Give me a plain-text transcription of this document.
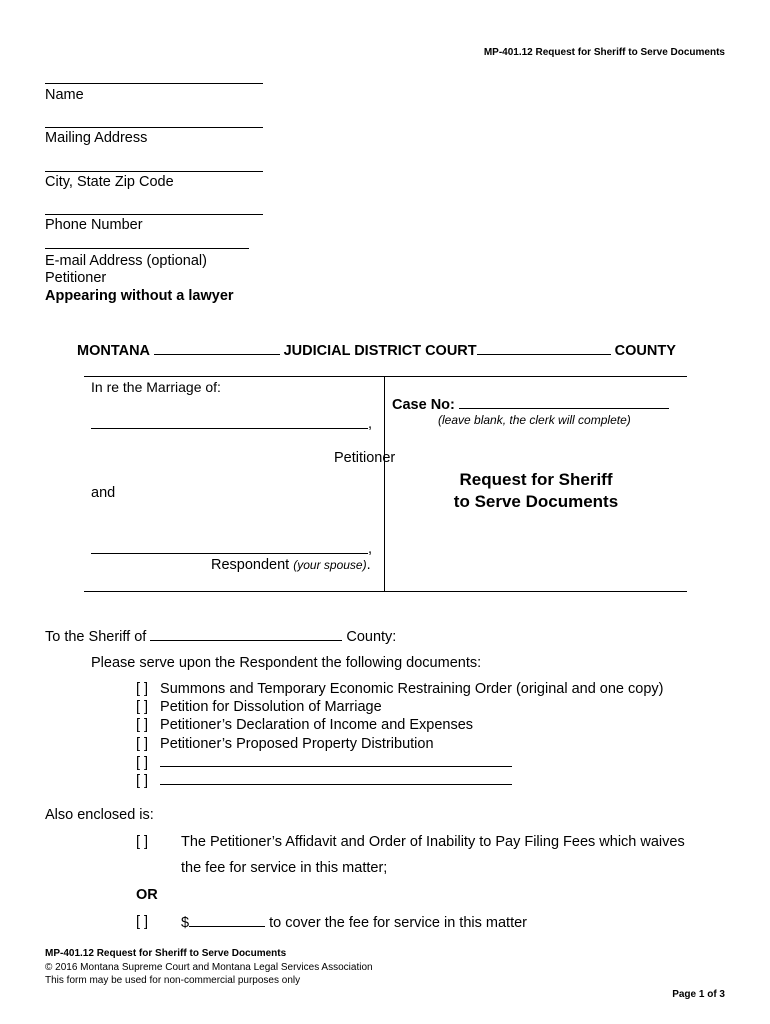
MP-401.12 Request for Sheriff to Serve Documents
Name
Mailing Address
City, State Zip Code
Phone Number
E-mail Address (optional)
Petitioner
Appearing without a lawyer
MONTANA	JUDICIAL DISTRICT COURT	COUNTY
In re the Marriage of:
,
Petitioner
and
,
Respondent (your spouse).
Case No:
(leave blank, the clerk will complete)
Request for Sheriff
to Serve Documents
To the Sheriff of	County:
Please serve upon the Respondent the following documents:
[ ] Summons and Temporary Economic Restraining Order (original and one copy)
[ ] Petition for Dissolution of Marriage
[ ] Petitioner’s Declaration of Income and Expenses
[ ] Petitioner’s Proposed Property Distribution
[ ]
[ ]
Also enclosed is:
[ ] The Petitioner’s Affidavit and Order of Inability to Pay Filing Fees which waives
the fee for service in this matter;
OR
[ ] $	to cover the fee for service in this matter
MP-401.12 Request for Sheriff to Serve Documents
© 2016 Montana Supreme Court and Montana Legal Services Association
This form may be used for non-commercial purposes only
Page 1 of 3
